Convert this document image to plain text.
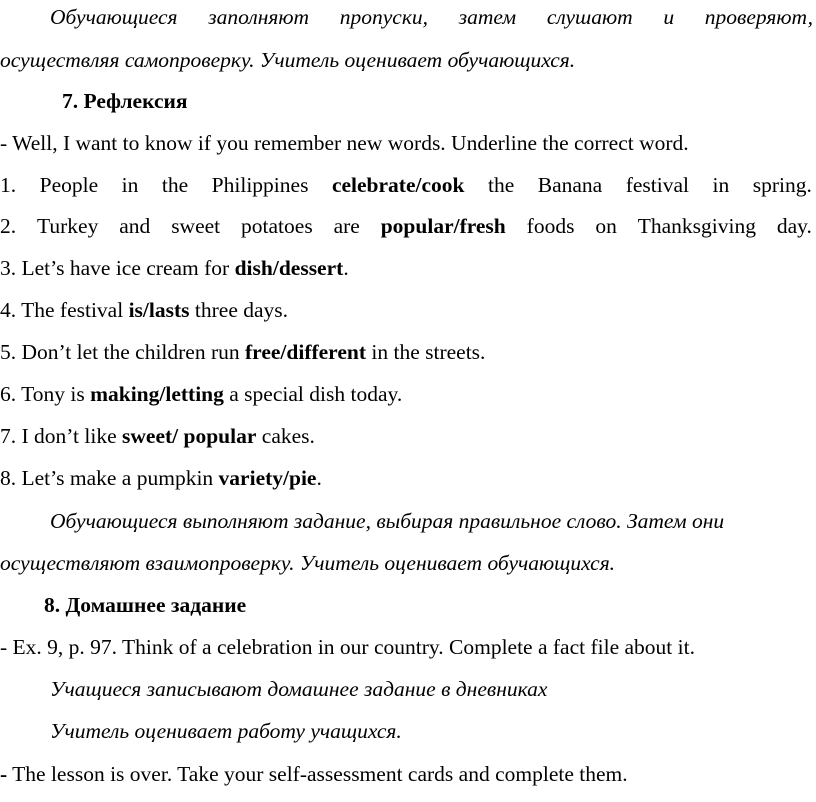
Обучающиеся заполняют пропуски, затем слушают и проверяют,
осуществляя самопроверку. Учитель оценивает обучающихся.
7. Рефлексия
- Well, I want to know if you remember new words. Underline the correct word.
1. People in the Philippines celebrate/cook the Banana festival in spring.
2. Turkey and sweet potatoes are popular/fresh foods on Thanksgiving day.
3. Let’s have ice cream for dish/dessert.
4. The festival is/lasts three days.
5. Don’t let the children run free/different in the streets.
6. Tony is making/letting a special dish today.
7. I don’t like sweet/ popular cakes.
8. Let’s make a pumpkin variety/pie.
Обучающиеся выполняют задание, выбирая правильное слово. Затем они
осуществляют взаимопроверку. Учитель оценивает обучающихся.
8. Домашнее задание
- Ex. 9, p. 97. Think of a celebration in our country. Complete a fact file about it.
Учащиеся записывают домашнее задание в дневниках
Учитель оценивает работу учащихся.
- The lesson is over. Take your self-assessment cards and complete them.
